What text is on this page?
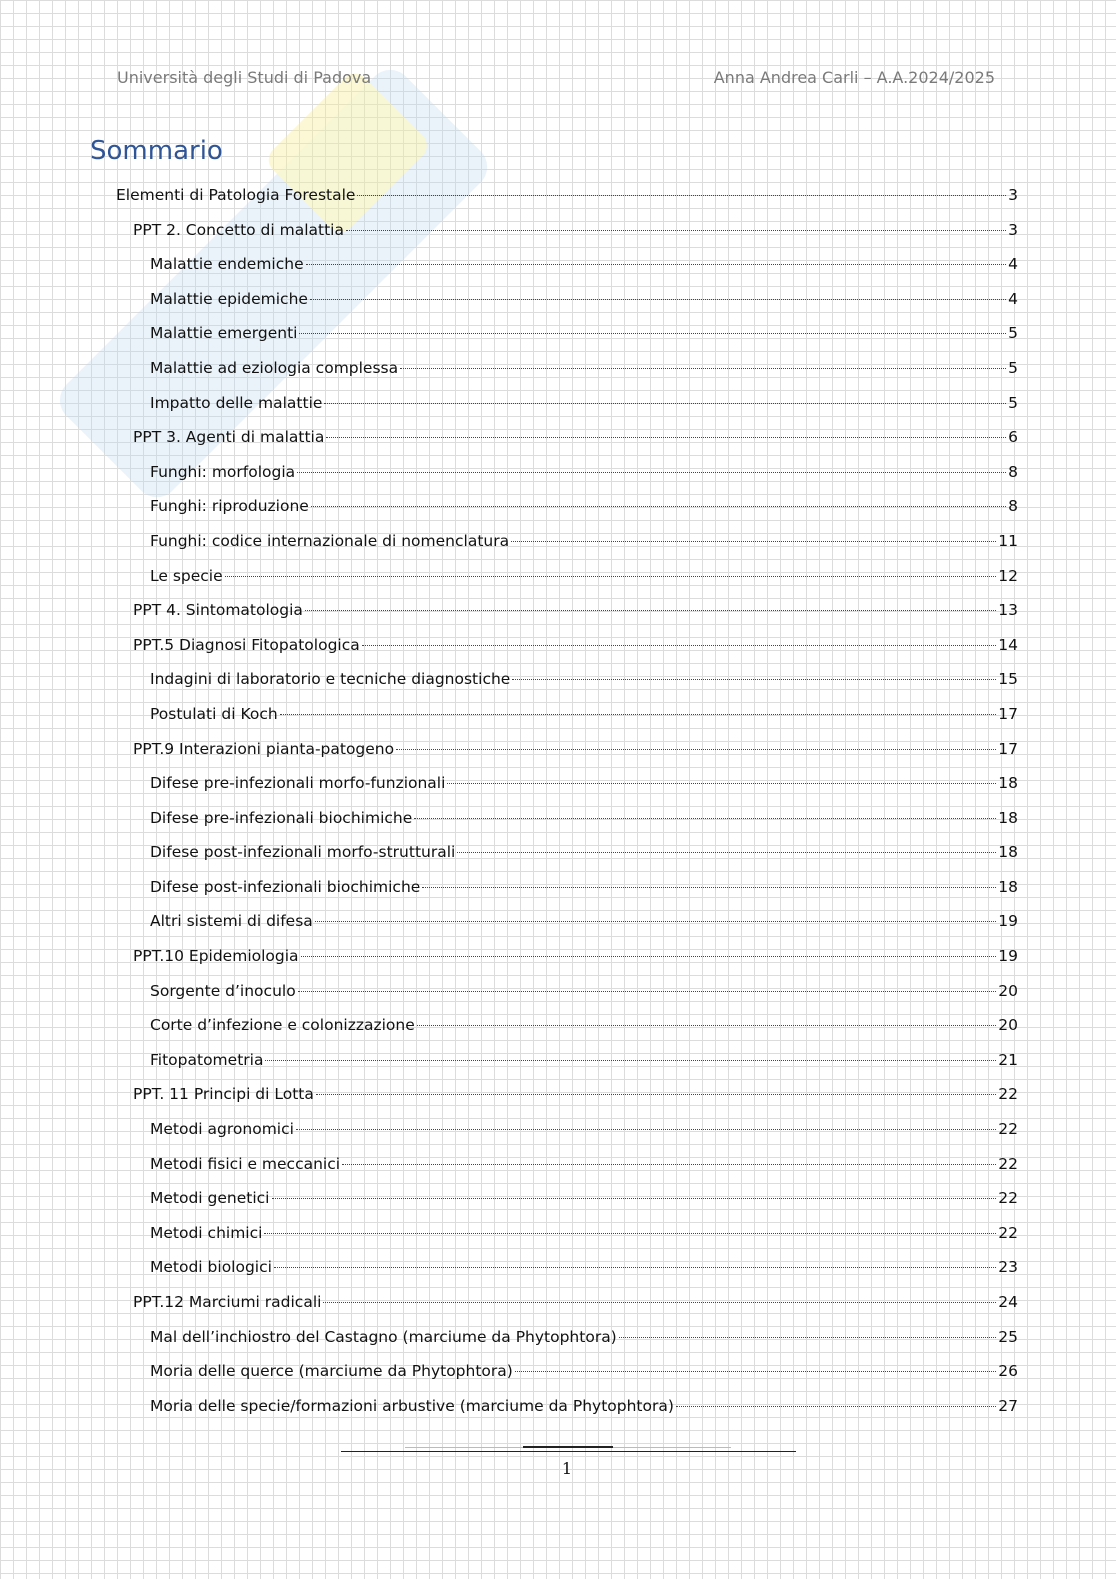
Università degli Studi di Padova	Anna Andrea Carli – A.A.2024/2025
Sommario
Elementi di Patologia Forestale	3
PPT 2. Concetto di malattia	3
Malattie endemiche	4
Malattie epidemiche	4
Malattie emergenti	5
Malattie ad eziologia complessa	5
Impatto delle malattie	5
PPT 3. Agenti di malattia	6
Funghi: morfologia	8
Funghi: riproduzione	8
Funghi: codice internazionale di nomenclatura	11
Le specie	12
PPT 4. Sintomatologia	13
PPT.5 Diagnosi Fitopatologica	14
Indagini di laboratorio e tecniche diagnostiche	15
Postulati di Koch	17
PPT.9 Interazioni pianta-patogeno	17
Difese pre-infezionali morfo-funzionali	18
Difese pre-infezionali biochimiche	18
Difese post-infezionali morfo-strutturali	18
Difese post-infezionali biochimiche	18
Altri sistemi di difesa	19
PPT.10 Epidemiologia	19
Sorgente d’inoculo	20
Corte d’infezione e colonizzazione	20
Fitopatometria	21
PPT. 11 Principi di Lotta	22
Metodi agronomici	22
Metodi fisici e meccanici	22
Metodi genetici	22
Metodi chimici	22
Metodi biologici	23
PPT.12 Marciumi radicali	24
Mal dell’inchiostro del Castagno (marciume da Phytophtora)	25
Moria delle querce (marciume da Phytophtora)	26
Moria delle specie/formazioni arbustive (marciume da Phytophtora)	27
1
